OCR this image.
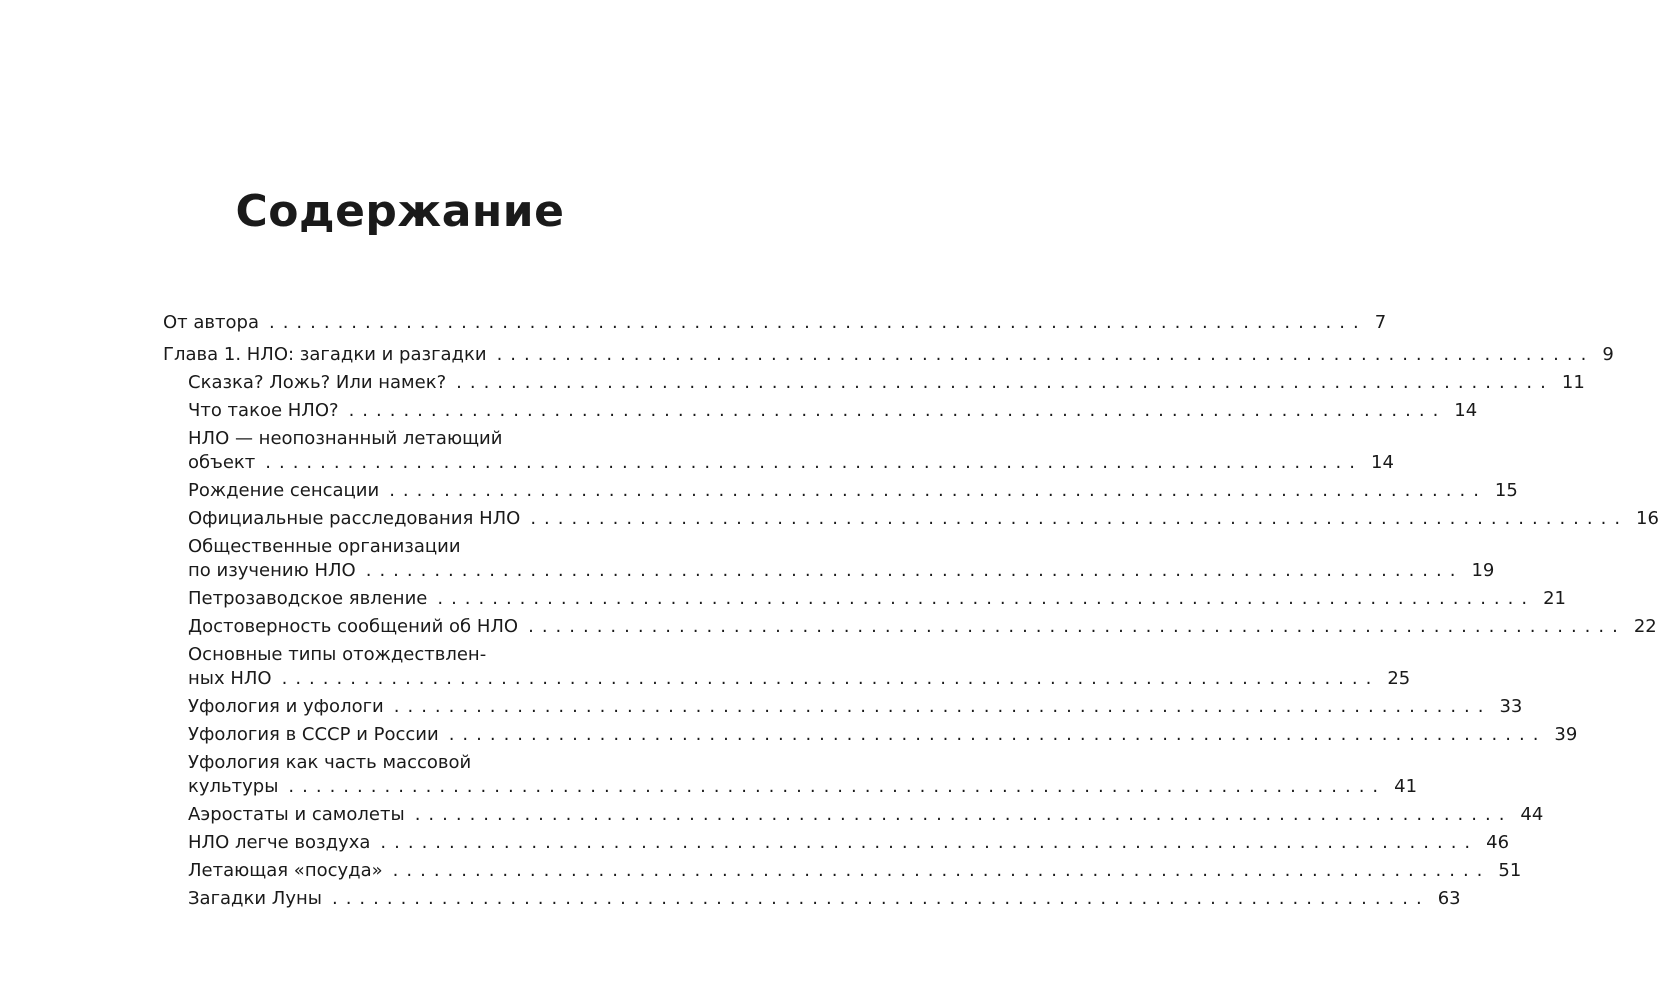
Содержание
От автора ................................................................................ 7
Глава 1. НЛО: загадки и разгадки ................................................................................ 9
Сказка? Ложь? Или намек? ................................................................................ 11
Что такое НЛО? ................................................................................ 14
НЛО — неопознанный летающий
объект ................................................................................ 14
Рождение сенсации ................................................................................ 15
Официальные расследования НЛО ................................................................................ 16
Общественные организации
по изучению НЛО ................................................................................ 19
Петрозаводское явление ................................................................................ 21
Достоверность сообщений об НЛО ................................................................................ 22
Основные типы отождествлен-
ных НЛО ................................................................................ 25
Уфология и уфологи ................................................................................ 33
Уфология в СССР и России ................................................................................ 39
Уфология как часть массовой
культуры ................................................................................ 41
Аэростаты и самолеты ................................................................................ 44
НЛО легче воздуха ................................................................................ 46
Летающая «посуда» ................................................................................ 51
Загадки Луны ................................................................................ 63
